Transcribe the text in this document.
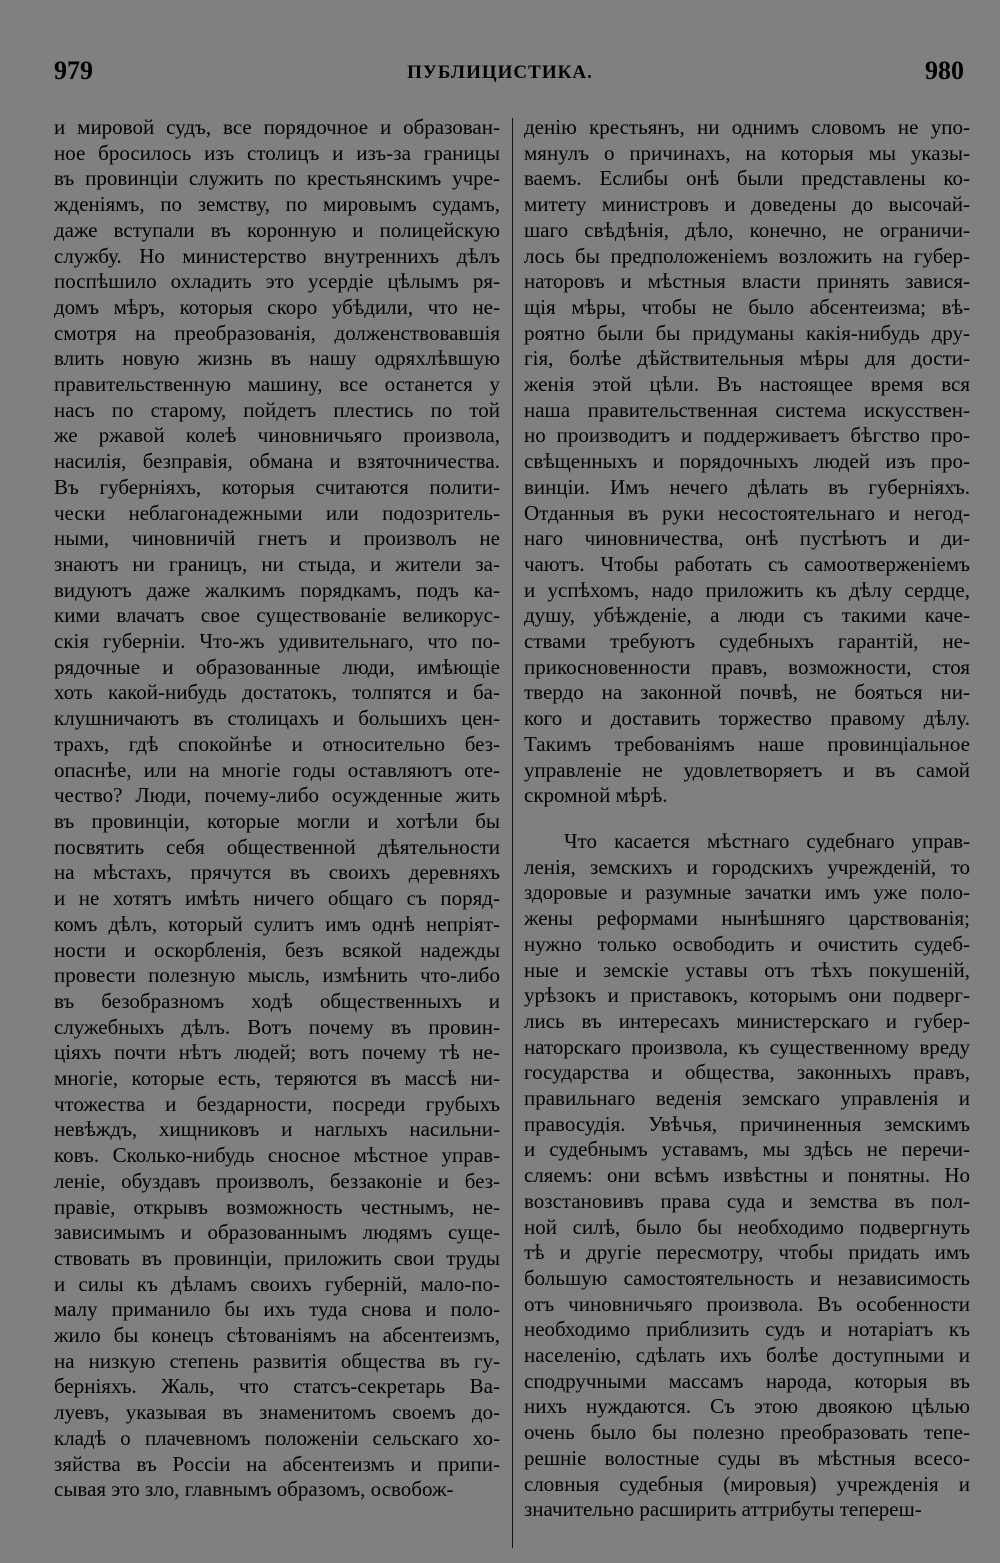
979	ПУБЛИЦИСТИКА.	980
и мировой судъ, все порядочное и образован-
ное бросилось изъ столицъ и изъ-за границы
въ провинціи служить по крестьянскимъ учре-
жденіямъ, по земству, по мировымъ судамъ,
даже вступали въ коронную и полицейскую
службу. Но министерство внутреннихъ дѣлъ
поспѣшило охладить это усердіе цѣлымъ ря-
домъ мѣръ, которыя скоро убѣдили, что не-
смотря на преобразованія, долженствовавшія
влить новую жизнь въ нашу одряхлѣвшую
правительственную машину, все останется у
насъ по старому, пойдетъ плестись по той
же ржавой колеѣ чиновничьяго произвола,
насилія, безправія, обмана и взяточничества.
Въ губерніяхъ, которыя считаются полити-
чески неблагонадежными или подозритель-
ными, чиновничій гнетъ и произволъ не
знаютъ ни границъ, ни стыда, и жители за-
видуютъ даже жалкимъ порядкамъ, подъ ка-
кими влачатъ свое существованіе великорус-
скія губерніи. Что-жъ удивительнаго, что по-
рядочные и образованные люди, имѣющіе
хоть какой-нибудь достатокъ, толпятся и ба-
клушничаютъ въ столицахъ и большихъ цен-
трахъ, гдѣ спокойнѣе и относительно без-
опаснѣе, или на многіе годы оставляютъ оте-
чество? Люди, почему-либо осужденные жить
въ провинціи, которые могли и хотѣли бы
посвятить себя общественной дѣятельности
на мѣстахъ, прячутся въ своихъ деревняхъ
и не хотятъ имѣть ничего общаго съ поряд-
комъ дѣлъ, который сулитъ имъ однѣ непріят-
ности и оскорбленія, безъ всякой надежды
провести полезную мысль, измѣнить что-либо
въ безобразномъ ходѣ общественныхъ и
служебныхъ дѣлъ. Вотъ почему въ провин-
ціяхъ почти нѣтъ людей; вотъ почему тѣ не-
многіе, которые есть, теряются въ массѣ ни-
чтожества и бездарности, посреди грубыхъ
невѣждъ, хищниковъ и наглыхъ насильни-
ковъ. Сколько-нибудь сносное мѣстное управ-
леніе, обуздавъ произволъ, беззаконіе и без-
правіе, открывъ возможность честнымъ, не-
зависимымъ и образованнымъ людямъ суще-
ствовать въ провинціи, приложить свои труды
и силы къ дѣламъ своихъ губерній, мало-по-
малу приманило бы ихъ туда снова и поло-
жило бы конецъ сѣтованіямъ на абсентеизмъ,
на низкую степень развитія общества въ гу-
берніяхъ. Жаль, что статсъ-секретарь Ва-
луевъ, указывая въ знаменитомъ своемъ до-
кладѣ о плачевномъ положеніи сельскаго хо-
зяйства въ Россіи на абсентеизмъ и припи-
сывая это зло, главнымъ образомъ, освобож-
денію крестьянъ, ни однимъ словомъ не упо-
мянулъ о причинахъ, на которыя мы указы-
ваемъ. Еслибы онѣ были представлены ко-
митету министровъ и доведены до высочай-
шаго свѣдѣнія, дѣло, конечно, не ограничи-
лось бы предположеніемъ возложить на губер-
наторовъ и мѣстныя власти принять завися-
щія мѣры, чтобы не было абсентеизма; вѣ-
роятно были бы придуманы какія-нибудь дру-
гія, болѣе дѣйствительныя мѣры для дости-
женія этой цѣли. Въ настоящее время вся
наша правительственная система искусствен-
но производитъ и поддерживаетъ бѣгство про-
свѣщенныхъ и порядочныхъ людей изъ про-
винціи. Имъ нечего дѣлать въ губерніяхъ.
Отданныя въ руки несостоятельнаго и негод-
наго чиновничества, онѣ пустѣютъ и ди-
чаютъ. Чтобы работать съ самоотверженіемъ
и успѣхомъ, надо приложить къ дѣлу сердце,
душу, убѣжденіе, а люди съ такими каче-
ствами требуютъ судебныхъ гарантій, не-
прикосновенности правъ, возможности, стоя
твердо на законной почвѣ, не бояться ни-
кого и доставить торжество правому дѣлу.
Такимъ требованіямъ наше провинціальное
управленіе не удовлетворяетъ и въ самой
скромной мѣрѣ.
Что касается мѣстнаго судебнаго управ-
ленія, земскихъ и городскихъ учрежденій, то
здоровые и разумные зачатки имъ уже поло-
жены реформами нынѣшняго царствованія;
нужно только освободить и очистить судеб-
ные и земскіе уставы отъ тѣхъ покушеній,
урѣзокъ и приставокъ, которымъ они подверг-
лись въ интересахъ министерскаго и губер-
наторскаго произвола, къ существенному вреду
государства и общества, законныхъ правъ,
правильнаго веденія земскаго управленія и
правосудія. Увѣчья, причиненныя земскимъ
и судебнымъ уставамъ, мы здѣсь не перечи-
сляемъ: они всѣмъ извѣстны и понятны. Но
возстановивъ права суда и земства въ пол-
ной силѣ, было бы необходимо подвергнуть
тѣ и другіе пересмотру, чтобы придать имъ
большую самостоятельность и независимость
отъ чиновничьяго произвола. Въ особенности
необходимо приблизить судъ и нотаріатъ къ
населенію, сдѣлать ихъ болѣе доступными и
сподручными массамъ народа, которыя въ
нихъ нуждаются. Съ этою двоякою цѣлью
очень было бы полезно преобразовать тепе-
решніе волостные суды въ мѣстныя всесо-
словныя судебныя (мировыя) учрежденія и
значительно расширить аттрибуты тепереш-
